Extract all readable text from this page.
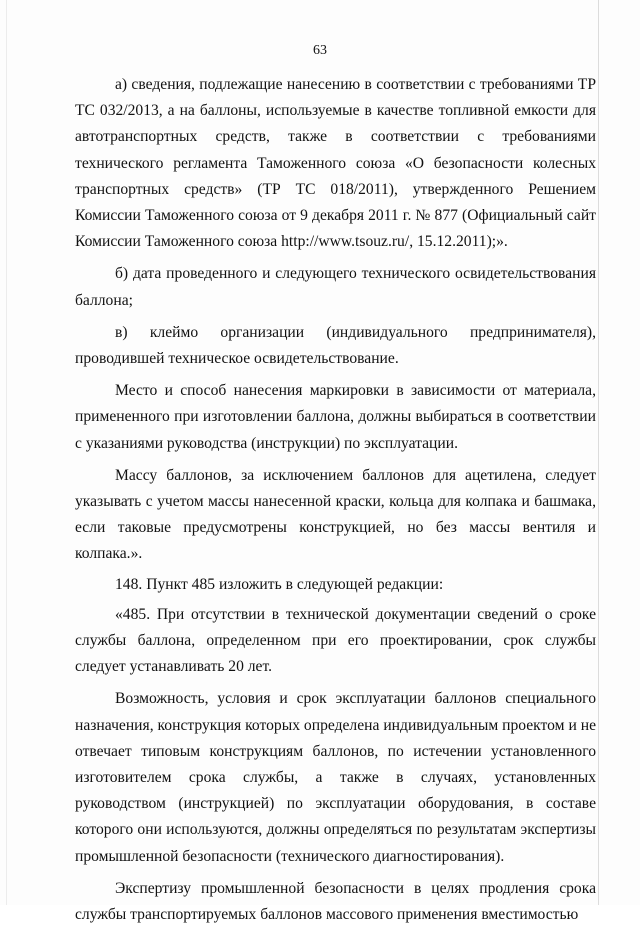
63

а) сведения, подлежащие нанесению в соответствии с требованиями ТР ТС 032/2013, а на баллоны, используемые в качестве топливной емкости для автотранспортных средств, также в соответствии с требованиями технического регламента Таможенного союза «О безопасности колесных транспортных средств» (ТР ТС 018/2011), утвержденного Решением Комиссии Таможенного союза от 9 декабря 2011 г. № 877 (Официальный сайт Комиссии Таможенного союза http://www.tsouz.ru/, 15.12.2011);».

б) дата проведенного и следующего технического освидетельствования баллона;

в) клеймо организации (индивидуального предпринимателя), проводившей техническое освидетельствование.

Место и способ нанесения маркировки в зависимости от материала, примененного при изготовлении баллона, должны выбираться в соответствии с указаниями руководства (инструкции) по эксплуатации.

Массу баллонов, за исключением баллонов для ацетилена, следует указывать с учетом массы нанесенной краски, кольца для колпака и башмака, если таковые предусмотрены конструкцией, но без массы вентиля и колпака.».

148. Пункт 485 изложить в следующей редакции:

«485. При отсутствии в технической документации сведений о сроке службы баллона, определенном при его проектировании, срок службы следует устанавливать 20 лет.

Возможность, условия и срок эксплуатации баллонов специального назначения, конструкция которых определена индивидуальным проектом и не отвечает типовым конструкциям баллонов, по истечении установленного изготовителем срока службы, а также в случаях, установленных руководством (инструкцией) по эксплуатации оборудования, в составе которого они используются, должны определяться по результатам экспертизы промышленной безопасности (технического диагностирования).

Экспертизу промышленной безопасности в целях продления срока службы транспортируемых баллонов массового применения вместимостью
